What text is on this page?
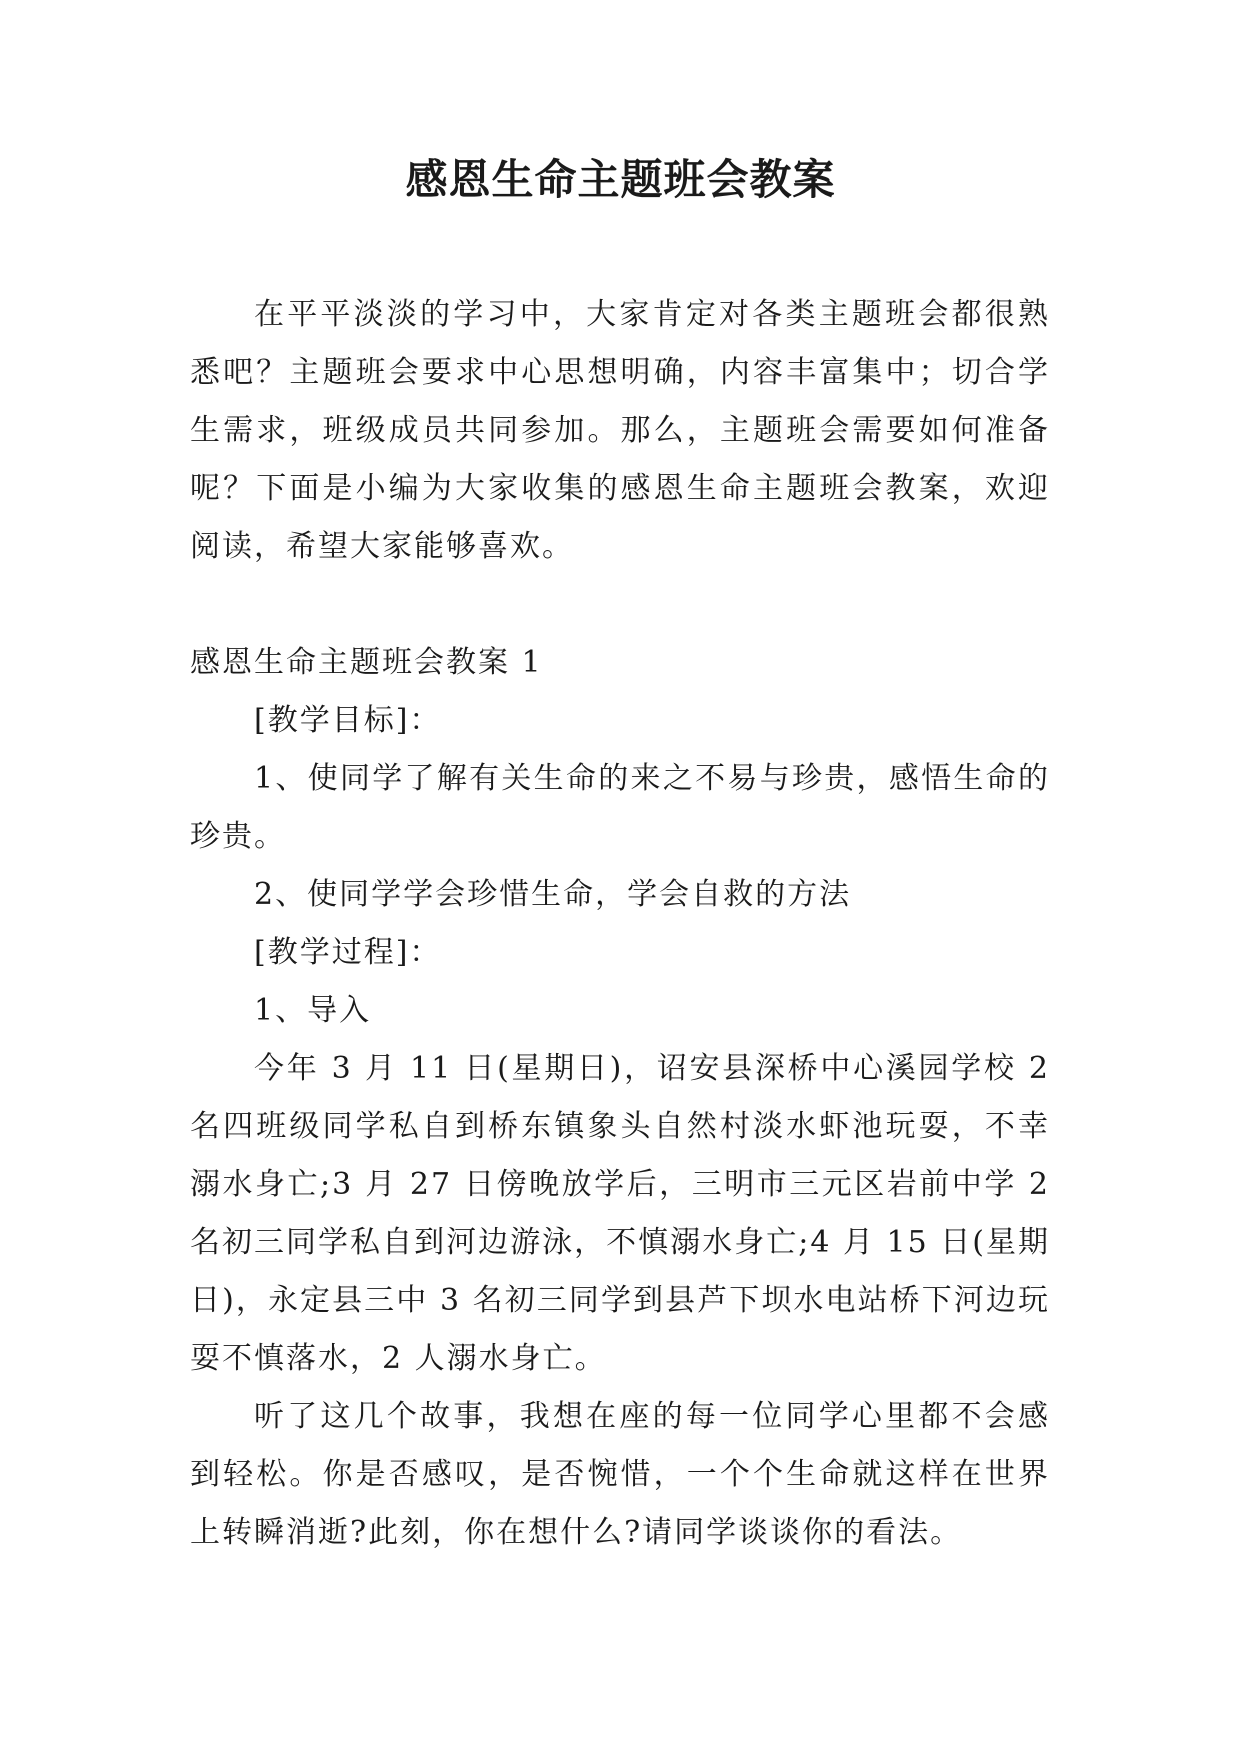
感恩生命主题班会教案

在平平淡淡的学习中，大家肯定对各类主题班会都很熟悉吧？主题班会要求中心思想明确，内容丰富集中；切合学生需求，班级成员共同参加。那么，主题班会需要如何准备呢？下面是小编为大家收集的感恩生命主题班会教案，欢迎阅读，希望大家能够喜欢。

感恩生命主题班会教案 1

[教学目标]：

1、使同学了解有关生命的来之不易与珍贵，感悟生命的珍贵。

2、使同学学会珍惜生命，学会自救的方法

[教学过程]：

1、导入

今年 3 月 11 日(星期日)，诏安县深桥中心溪园学校 2 名四班级同学私自到桥东镇象头自然村淡水虾池玩耍，不幸溺水身亡;3 月 27 日傍晚放学后，三明市三元区岩前中学 2 名初三同学私自到河边游泳，不慎溺水身亡;4 月 15 日(星期日)，永定县三中 3 名初三同学到县芦下坝水电站桥下河边玩耍不慎落水，2 人溺水身亡。

听了这几个故事，我想在座的每一位同学心里都不会感到轻松。你是否感叹，是否惋惜，一个个生命就这样在世界上转瞬消逝?此刻，你在想什么?请同学谈谈你的看法。
